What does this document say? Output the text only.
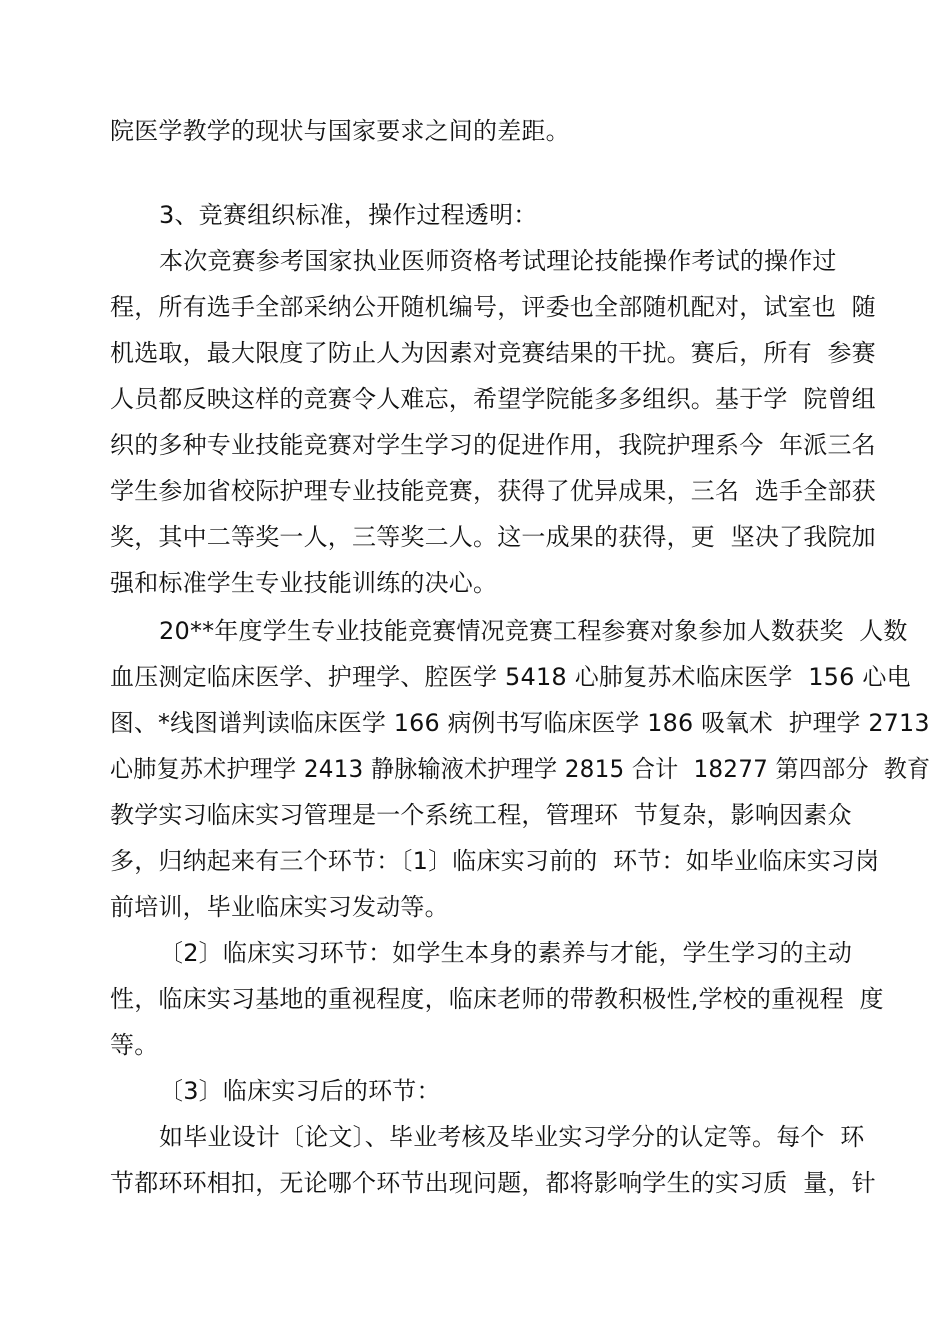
院医学教学的现状与国家要求之间的差距。
3、竞赛组织标准，操作过程透明：
本次竞赛参考国家执业医师资格考试理论技能操作考试的操作过
程，所有选手全部采纳公开随机编号，评委也全部随机配对，试室也  随
机选取，最大限度了防止人为因素对竞赛结果的干扰。赛后，所有  参赛
人员都反映这样的竞赛令人难忘，希望学院能多多组织。基于学  院曾组
织的多种专业技能竞赛对学生学习的促进作用，我院护理系今  年派三名
学生参加省校际护理专业技能竞赛，获得了优异成果，三名  选手全部获
奖，其中二等奖一人，三等奖二人。这一成果的获得，更  坚决了我院加
强和标准学生专业技能训练的决心。
20**年度学生专业技能竞赛情况竞赛工程参赛对象参加人数获奖  人数
血压测定临床医学、护理学、腔医学 5418 心肺复苏术临床医学  156 心电
图、*线图谱判读临床医学 166 病例书写临床医学 186 吸氧术  护理学 2713
心肺复苏术护理学 2413 静脉输液术护理学 2815 合计  18277 第四部分  教育
教学实习临床实习管理是一个系统工程，管理环  节复杂，影响因素众
多，归纳起来有三个环节：〔1〕临床实习前的  环节：如毕业临床实习岗
前培训，毕业临床实习发动等。
〔2〕临床实习环节：如学生本身的素养与才能，学生学习的主动
性，临床实习基地的重视程度，临床老师的带教积极性,学校的重视程  度
等。
〔3〕临床实习后的环节：
如毕业设计〔论文〕、毕业考核及毕业实习学分的认定等。每个  环
节都环环相扣，无论哪个环节出现问题，都将影响学生的实习质  量，针
